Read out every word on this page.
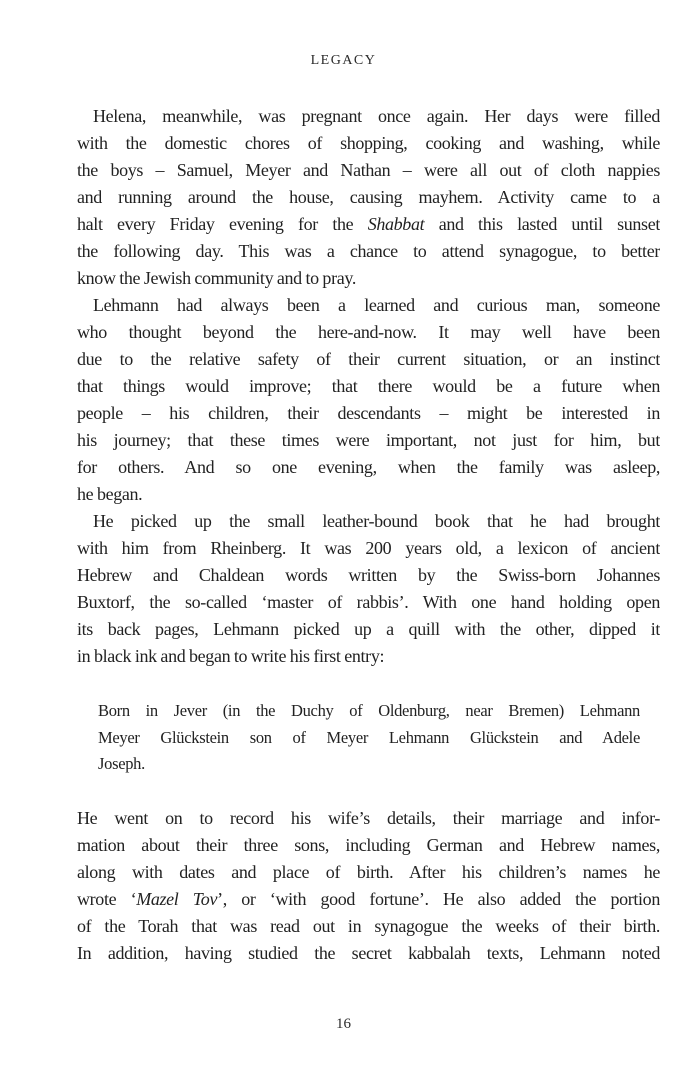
LEGACY
Helena, meanwhile, was pregnant once again. Her days were filled
with the domestic chores of shopping, cooking and washing, while
the boys – Samuel, Meyer and Nathan – were all out of cloth nappies
and running around the house, causing mayhem. Activity came to a
halt every Friday evening for the Shabbat and this lasted until sunset
the following day. This was a chance to attend synagogue, to better
know the Jewish community and to pray.
Lehmann had always been a learned and curious man, someone
who thought beyond the here-and-now. It may well have been
due to the relative safety of their current situation, or an instinct
that things would improve; that there would be a future when
people – his children, their descendants – might be interested in
his journey; that these times were important, not just for him, but
for others. And so one evening, when the family was asleep,
he began.
He picked up the small leather-bound book that he had brought
with him from Rheinberg. It was 200 years old, a lexicon of ancient
Hebrew and Chaldean words written by the Swiss-born Johannes
Buxtorf, the so-called ‘master of rabbis’. With one hand holding open
its back pages, Lehmann picked up a quill with the other, dipped it
in black ink and began to write his first entry:
Born in Jever (in the Duchy of Oldenburg, near Bremen) Lehmann
Meyer Glückstein son of Meyer Lehmann Glückstein and Adele
Joseph.
He went on to record his wife’s details, their marriage and infor-
mation about their three sons, including German and Hebrew names,
along with dates and place of birth. After his children’s names he
wrote ‘Mazel Tov’, or ‘with good fortune’. He also added the portion
of the Torah that was read out in synagogue the weeks of their birth.
In addition, having studied the secret kabbalah texts, Lehmann noted
16
